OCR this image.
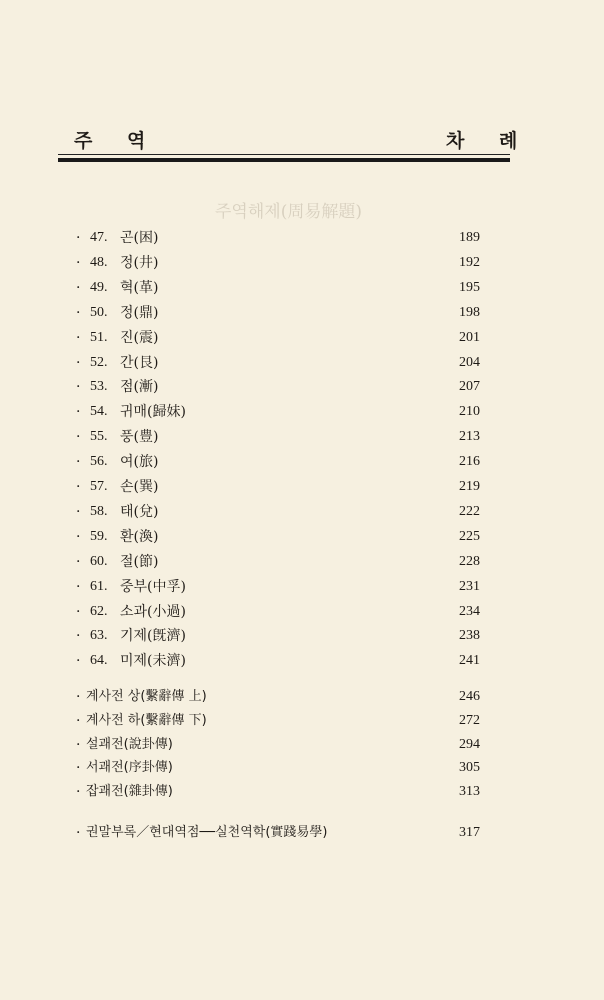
주 역	차 례
주역해제(周易解題)
· 47. 곤(困)	189
· 48. 정(井)	192
· 49. 혁(革)	195
· 50. 정(鼎)	198
· 51. 진(震)	201
· 52. 간(艮)	204
· 53. 점(漸)	207
· 54. 귀매(歸妹)	210
· 55. 풍(豊)	213
· 56. 여(旅)	216
· 57. 손(巽)	219
· 58. 태(兌)	222
· 59. 환(渙)	225
· 60. 절(節)	228
· 61. 중부(中孚)	231
· 62. 소과(小過)	234
· 63. 기제(旣濟)	238
· 64. 미제(未濟)	241
· 계사전 상(繫辭傳 上)	246
· 계사전 하(繫辭傳 下)	272
· 설괘전(說卦傳)	294
· 서괘전(序卦傳)	305
· 잡괘전(雜卦傳)	313
· 권말부록／현대역점──실천역학(實踐易學)	317
